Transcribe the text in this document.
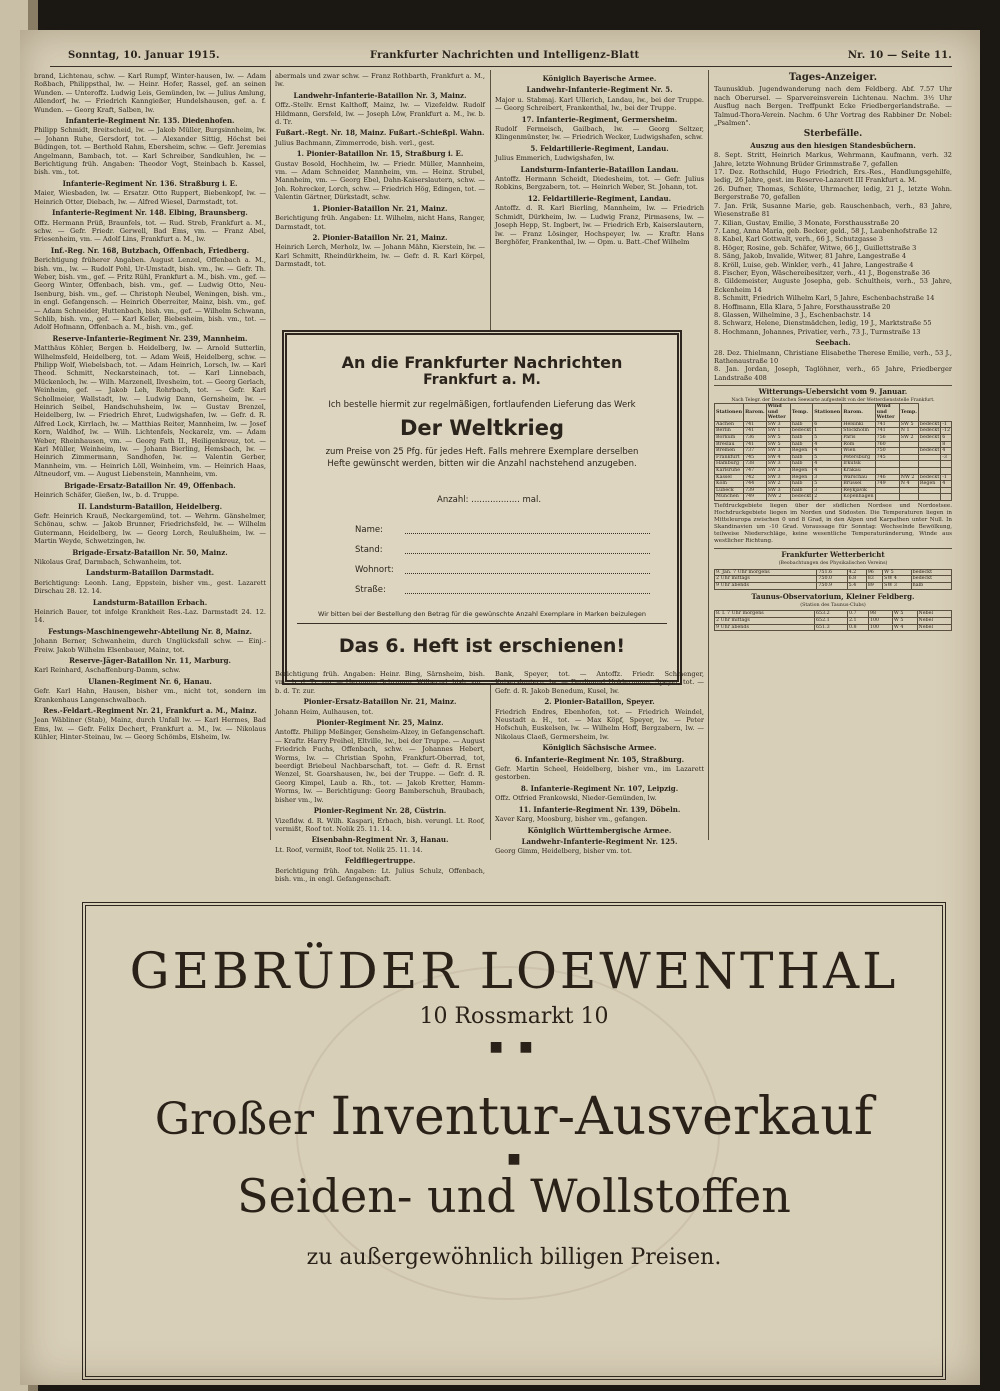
Sonntag, 10. Januar 1915.	Frankfurter Nachrichten und Intelligenz-Blatt	Nr. 10 — Seite 11.

brand, Lichtenau, schw. — Karl Rumpf, Winter-hausen, lw. — Adam Roßbach, Philippsthal, lw. — Heinr. Hofer, Rassel, gef. an seinen Wunden. — Unteroffz. Ludwig Leis, Gemünden, lw. — Julius Amlung, Allendorf, lw. — Friedrich Kanngießer, Hundelshausen, gef. a. f. Wunden. — Georg Kraft, Salben, lw.

Infanterie-Regiment Nr. 135. Diedenhofen.

Philipp Schmidt, Breitscheid, lw. — Jakob Müller, Burgsinnheim, lw. — Johann Ruhe, Gersdorf, tot. — Alexander Sittig, Höchst bei Büdingen, tot. — Berthold Rahm, Ebersheim, schw. — Gefr. Jeremias Angelmann, Bambach, tot. — Karl Schreiber, Sandkuhlen, lw. — Berichtigung früh. Angaben: Theodor Vogt, Steinbach b. Kassel, bish. vm., tot.

Infanterie-Regiment Nr. 136. Straßburg i. E.

Maier, Wiesbaden, lw. — Ersatzr. Otto Ruppert, Biebenkopf, lw. — Heinrich Otter, Diebach, lw. — Alfred Wiesel, Darmstadt, tot.

Infanterie-Regiment Nr. 148. Elbing, Braunsberg.

Offz. Hermann Prüß, Braunfels, tot. — Rud. Streb, Frankfurt a. M., schw. — Gefr. Friedr. Gerwell, Bad Ems, vm. — Franz Abel, Friesenheim, vm. — Adolf Lins, Frankfurt a. M., lw.

Inf.-Reg. Nr. 168, Butzbach, Offenbach, Friedberg.

Berichtigung früherer Angaben. August Lenzel, Offenbach a. M., bish. vm., lw. — Rudolf Pohl, Ur-Umstadt, bish. vm., lw. — Gefr. Th. Weber, bish. vm., gef. — Fritz Rühl, Frankfurt a. M., bish. vm., gef. — Georg Winter, Offenbach, bish. vm., gef. — Ludwig Otto, Neu-Isenburg, bish. vm., gef. — Christoph Neubel, Weningen, bish. vm., in engl. Gefangensch. — Heinrich Oberreiter, Mainz, bish. vm., gef. — Adam Schneider, Huttenbach, bish. vm., gef. — Wilhelm Schwann, Schlib, bish. vm., gef. — Karl Keller, Biebesheim, bish. vm., tot. — Adolf Hofmann, Offenbach a. M., bish. vm., gef.

Reserve-Infanterie-Regiment Nr. 239, Mannheim.

Matthäus Köhler, Bergen b. Heidelberg, lw. — Arnold Sutterlin, Wilhelmsfeld, Heidelberg, tot. — Adam Weiß, Heidelberg, schw. — Philipp Wolf, Wiebelsbach, tot. — Adam Heinrich, Lorsch, lw. — Karl Theod. Schmitt, Neckarsteinach, tot. — Karl Linnebach, Mückenloch, lw. — Wilh. Marzenell, Ilvesheim, tot. — Georg Gerlach, Weinheim, gef. — Jakob Leh, Rohrbach, tot. — Gefr. Karl Schollmeier, Wallstadt, lw. — Ludwig Dann, Gernsheim, lw. — Heinrich Seibel, Handschuhsheim, lw. — Gustav Brenzel, Heidelberg, lw. — Friedrich Ehret, Ludwigshafen, lw. — Gefr. d. R. Alfred Lock, Kirrlach, lw. — Matthias Reiter, Mannheim, lw. — Josef Korn, Waldhof, lw. — Wilh. Lichtenfels, Neckarelz, vm. — Adam Weber, Rheinhausen, vm. — Georg Fath II., Heiligenkreuz, tot. — Karl Müller, Weinheim, lw. — Johann Bierling, Hemsbach, lw. — Heinrich Zimmermann, Sandhofen, lw. — Valentin Gerber, Mannheim, vm. — Heinrich Löll, Weinheim, vm. — Heinrich Haas, Altneudorf, vm. — August Liebenstein, Mannheim, vm.

Brigade-Ersatz-Bataillon Nr. 49, Offenbach.

Heinrich Schäfer, Gießen, lw., b. d. Truppe.

II. Landsturm-Bataillon, Heidelberg.

Gefr. Heinrich Krauß, Neckargemünd, tot. — Wehrm. Gänshelmer, Schönau, schw. — Jakob Brunner, Friedrichsfeld, lw. — Wilhelm Gutermann, Heidelberg, lw. — Georg Lorch, Reulußheim, lw. — Martin Weyde, Schwetzingen, lw.

Brigade-Ersatz-Bataillon Nr. 50, Mainz.

Nikolaus Graf, Darmbach, Schwanheim, tot.

Landsturm-Bataillon Darmstadt.

Berichtigung: Leonh. Lang, Eppstein, bisher vm., gest. Lazarett Dirschau 28. 12. 14.

Landsturm-Bataillon Erbach.

Heinrich Bauer, tot infolge Krankheit Res.-Laz. Darmstadt 24. 12. 14.

Festungs-Maschinengewehr-Abteilung Nr. 8, Mainz.

Johann Berner, Schwanheim, durch Unglücksfall schw. — Einj.-Freiw. Jakob Wilhelm Elsenbauer, Mainz, tot.

Reserve-Jäger-Bataillon Nr. 11, Marburg.

Karl Reinhard, Aschaffenburg-Damm, schw.

Ulanen-Regiment Nr. 6, Hanau.

Gefr. Karl Hahn, Hausen, bisher vm., nicht tot, sondern im Krankenhaus Langenschwalbach.

Res.-Feldart.-Regiment Nr. 21, Frankfurt a. M., Mainz.

Jean Wäbliner (Stab), Mainz, durch Unfall lw. — Karl Hermes, Bad Ems, lw. — Gefr. Felix Dechert, Frankfurt a. M., lw. — Nikolaus Kühler, Hinter-Steinau, lw. — Georg Schömbs, Elsheim, lw.

abermals und zwar schw. — Franz Rothbarth, Frankfurt a. M., lw.

Landwehr-Infanterie-Bataillon Nr. 3, Mainz.

Offz.-Stellv. Ernst Kalthoff, Mainz, lw. — Vizefeldw. Rudolf Hildmann, Gersfeld, lw. — Joseph Löw, Frankfurt a. M., lw. b. d. Tr.

Fußart.-Regt. Nr. 18, Mainz. Fußart.-Schießpl. Wahn.

Julius Bachmann, Zimmerrode, bish. verl., gest.

1. Pionier-Bataillon Nr. 15, Straßburg i. E.

Gustav Bosold, Hochheim, lw. — Friedr. Müller, Mannheim, vm. — Adam Schneider, Mannheim, vm. — Heinz. Strubel, Mannheim, vm. — Georg Ebel, Dahn-Kaiserslautern, schw. — Joh. Rohrecker, Lorch, schw. — Friedrich Hög, Edingen, tot. — Valentin Gärtner, Dürkstadt, schw.

1. Pionier-Bataillon Nr. 21, Mainz.

Berichtigung früh. Angaben: Lt. Wilhelm, nicht Hans, Ranger, Darmstadt, tot.

2. Pionier-Bataillon Nr. 21, Mainz.

Heinrich Lerch, Merholz, lw. — Johann Mähn, Kierstein, lw. — Karl Schmitt, Rheindürkheim, lw. — Gefr. d. R. Karl Körpel, Darmstadt, tot.

Königlich Bayerische Armee.
Landwehr-Infanterie-Regiment Nr. 5.

Major u. Stabmaj. Karl Ullerich, Landau, lw., bei der Truppe. — Georg Schreibert, Frankenthal, lw., bei der Truppe.

17. Infanterie-Regiment, Germersheim.

Rudolf Fermeisch, Gailbach, lw. — Georg Seltzer, Klingenmünster, lw. — Friedrich Wecker, Ludwigshafen, schw.

5. Feldartillerie-Regiment, Landau.

Julius Emmerich, Ludwigshafen, lw.

Landsturm-Infanterie-Bataillon Landau.

Antoffz. Hermann Scheidt, Diedesheim, tot. — Gefr. Julius Robkins, Bergzabern, tot. — Heinrich Weber, St. Johann, tot.

12. Feldartillerie-Regiment, Landau.

Antoffz. d. R. Karl Bierling, Mannheim, lw. — Friedrich Schmidt, Dürkheim, lw. — Ludwig Franz, Pirmasens, lw. — Joseph Hepp, St. Ingbert, lw. — Friedrich Erb, Kaiserslautern, lw. — Franz Lösinger, Hochspeyer, lw. — Kraftr. Hans Berghöfer, Frankenthal, lw. — Opm. u. Batt.-Chef Wilhelm

An die Frankfurter Nachrichten
Frankfurt a. M.
Ich bestelle hiermit zur regelmäßigen, fortlaufenden Lieferung das Werk
Der Weltkrieg
zum Preise von 25 Pfg. für jedes Heft. Falls mehrere Exemplare derselben
Hefte gewünscht werden, bitten wir die Anzahl nachstehend anzugeben.
Anzahl: .................. mal.
Name:
Stand:
Wohnort:
Straße:
Wir bitten bei der Bestellung den Betrag für die gewünschte Anzahl Exemplare in Marken beizulegen
Das 6. Heft ist erschienen!

Berichtigung früh. Angaben: Heinr. Bing, Särnsheim, bish. vm., b. d. Tr. zur. — Hermann Schramm, Wilbernd, bish. vm., b. d. Tr. zur.

Pionier-Ersatz-Bataillon Nr. 21, Mainz.

Johann Heim, Aulhausen, tot.

Pionier-Regiment Nr. 25, Mainz.

Antoffz. Philipp Meßinger, Gensheim-Alzey, in Gefangenschaft. — Kraftr. Harry Preihel, Eltville, lw., bei der Truppe. — August Friedrich Fuchs, Offenbach, schw. — Johannes Hebert, Worms, lw. — Christian Spohn, Frankfurt-Oberrad, tot, beerdigt Briebeul Nachbarschaft, tot. — Gefr. d. R. Ernst Wenzel, St. Goarshausen, lw., bei der Truppe. — Gefr. d. R. Georg Kimpel, Laub a. Rh., tot. — Jakob Kretter, Hamm-Worms, lw. — Berichtigung: Georg Bamberschuh, Braubach, bisher vm., lw.

Pionier-Regiment Nr. 28, Cüstrin.

Vizefldw. d. R. Wilh. Kaspari, Erbach, bish. verungl. Lt. Roof, vermißt, Roof tot. Nolik 25. 11. 14.

Eisenbahn-Regiment Nr. 3, Hanau.

Lt. Roof, vermißt, Roof tot. Nolik 25. 11. 14.

Feldfliegertruppe.

Berichtigung früh. Angaben: Lt. Julius Schulz, Offenbach, bish. vm., in engl. Gefangenschaft.

Bank, Speyer, tot. — Antoffz. Friedr. Schmenger, Kaiserslautern, lw. — Ferdinand Holdermann, Speyer, tot. — Gefr. d. R. Jakob Benedum, Kusel, lw.

2. Pionier-Bataillon, Speyer.

Friedrich Endres, Ebenhofen, tot. — Friedrich Weindel, Neustadt a. H., tot. — Max Köpf, Speyer, lw. — Peter Hofschuh, Euskelsen, lw. — Wilhelm Hoff, Bergzabern, lw. — Nikolaus Claeß, Germersheim, lw.

Königlich Sächsische Armee.
6. Infanterie-Regiment Nr. 105, Straßburg.

Gefr. Martin Scheel, Heidelberg, bisher vm., im Lazarett gestorben.

8. Infanterie-Regiment Nr. 107, Leipzig.

Offz. Otfried Frankowski, Nieder-Gemünden, lw.

11. Infanterie-Regiment Nr. 139, Döbeln.

Xaver Karg, Moosburg, bisher vm., gefangen.

Königlich Württembergische Armee.
Landwehr-Infanterie-Regiment Nr. 125.

Georg Gimm, Heidelberg, bisher vm. tot.

Tages-Anzeiger.

Taunusklub. Jugendwanderung nach dem Feldberg. Abf. 7.57 Uhr nach Oberursel. — Sparvereinsverein Lichtenau. Nachm. 3½ Uhr Ausflug nach Bergen. Treffpunkt Ecke Friedbergerlandstraße. — Talmud-Thora-Verein. Nachm. 6 Uhr Vortrag des Rabbiner Dr. Nobel: „Psalmen".

Sterbefälle.
Auszug aus den hiesigen Standesbüchern.

8. Sept. Stritt, Heinrich Markus, Wehrmann, Kaufmann, verh. 32 Jahre, letzte Wohnung Brüder Grimmstraße 7, gefallen

17. Dez. Rothschild, Hugo Friedrich, Ers.-Res., Handlungsgehilfe, ledig, 26 Jahre, gest. im Reserve-Lazarett III Frankfurt a. M.

26. Dufner, Thomas, Schlöte, Uhrmacher, ledig, 21 J., letzte Wohn. Bergerstraße 70, gefallen

7. Jan. Frik, Susanne Marie, geb. Rauschenbach, verh., 83 Jahre, Wiesenstraße 81

7. Kilian, Gustav, Emilie, 3 Monate, Forsthausstraße 20

7. Lang, Anna Maria, geb. Becker, geld., 58 J., Laubenhofstraße 12

8. Kabel, Karl Gottwalt, verh., 66 J., Schutzgasse 3

8. Höger, Rosine, geb. Schäfer, Witwe, 66 J., Guillettstraße 3

8. Säng, Jakob, Invalide, Witwer, 81 Jahre, Langestraße 4

8. Kröll, Luise, geb. Winkler, verh., 41 Jahre, Langestraße 4

8. Fischer, Eyon, Wäschereibesitzer, verh., 41 J., Bogenstraße 36

8. Gildemeister, Auguste Josepha, geb. Schultheis, verh., 53 Jahre, Eckenheim 14

8. Schmitt, Friedrich Wilhelm Karl, 5 Jahre, Eschenbachstraße 14

8. Hoffmann, Ella Klara, 5 Jahre, Forsthausstraße 20

8. Glassen, Wilhelmine, 3 J., Eschenbachstr. 14

8. Schwarz, Helene, Dienstmädchen, ledig, 19 J., Marktstraße 55

8. Hochmann, Johannes, Privatier, verh., 73 J., Turmstraße 13

Seebach.

28. Dez. Thielmann, Christiane Elisabethe Therese Emilie, verh., 53 J., Rathenaustraße 10

8. Jan. Jordan, Joseph, Taglöhner, verh., 65 Jahre, Friedberger Landstraße 408

Witterungs-Uebersicht vom 9. Januar.

Nach Telegr. der Deutschen Seewarte aufgestellt von der Wetterdienststelle Frankfurt.

Stationen	Barom.	Wind und Wetter	Temp.	Stationen	Barom.	Wind und Wetter	Temp.		
Aachen	741	SW 3	halb	6	Helsinki	741	SW 5	bedeckt	-1
Berlin	741	SW 1	bedeckt	1	Stockholm	741	N 1	bedeckt	-12
Borkum	736	SW 5	halb	5	Paris	756	SW 2	bedeckt	6
Breslau	741	SW 5	halb	4	Rom	760			8
Bremen	737	SW 3	Regen	4	Wien	750		bedeckt	4
Frankfurt	745	SW 4	halb	5	Petersburg	745			-3
Hamburg	738	SW 3	halb	4	Irkutsk				
Karlsruhe	747	SW 3	Regen	4	Krakau				
Kassel	742	SW 3	Regen	3	Warschau	746	NW 2	bedeckt	-1
Köln	744	SW 2	halb	5	Brüssel	749	N 4	Regen	4
Lübeck	739	SW 3	halb	3	Reykjavik				
München	749	NW 2	bedeckt	2	Kopenhagen				

Tiefdruckgebiete liegen über der südlichen Nordsee und Nordostsee. Hochdruckgebiete liegen im Norden und Südosten. Die Temperaturen liegen in Mitteleuropa zwischen 0 und 8 Grad, in den Alpen und Karpathen unter Null. In Skandinavien um -10 Grad. Voraussage für Sonntag: Wechselnde Bewölkung, teilweise Niederschläge, keine wesentliche Temperaturänderung, Winde aus westlicher Richtung.

Frankfurter Wetterbericht

(Beobachtungen des Physikalischen Vereins)

9. Jan. 7 Uhr morgens	751.6	4.2	96	W 5	bedeckt
2 Uhr mittags	750.0	6.8	83	SW 4	bedeckt
9 Uhr abends	750.9	5.4	89	SW 3	halb
Taunus-Observatorium, Kleiner Feldberg.

(Station des Taunus-Clubs)

8. I. 7 Uhr morgens	653.2	0.7	98	W 5	Nebel
2 Uhr mittags	652.1	2.1	100	W 5	Nebel
9 Uhr abends	651.3	0.8	100	W 4	Nebel
GEBRÜDER LOEWENTHAL
10 Rossmarkt 10
■ ■
Großer Inventur-Ausverkauf
■
Seiden- und Wollstoffen
zu außergewöhnlich billigen Preisen.
